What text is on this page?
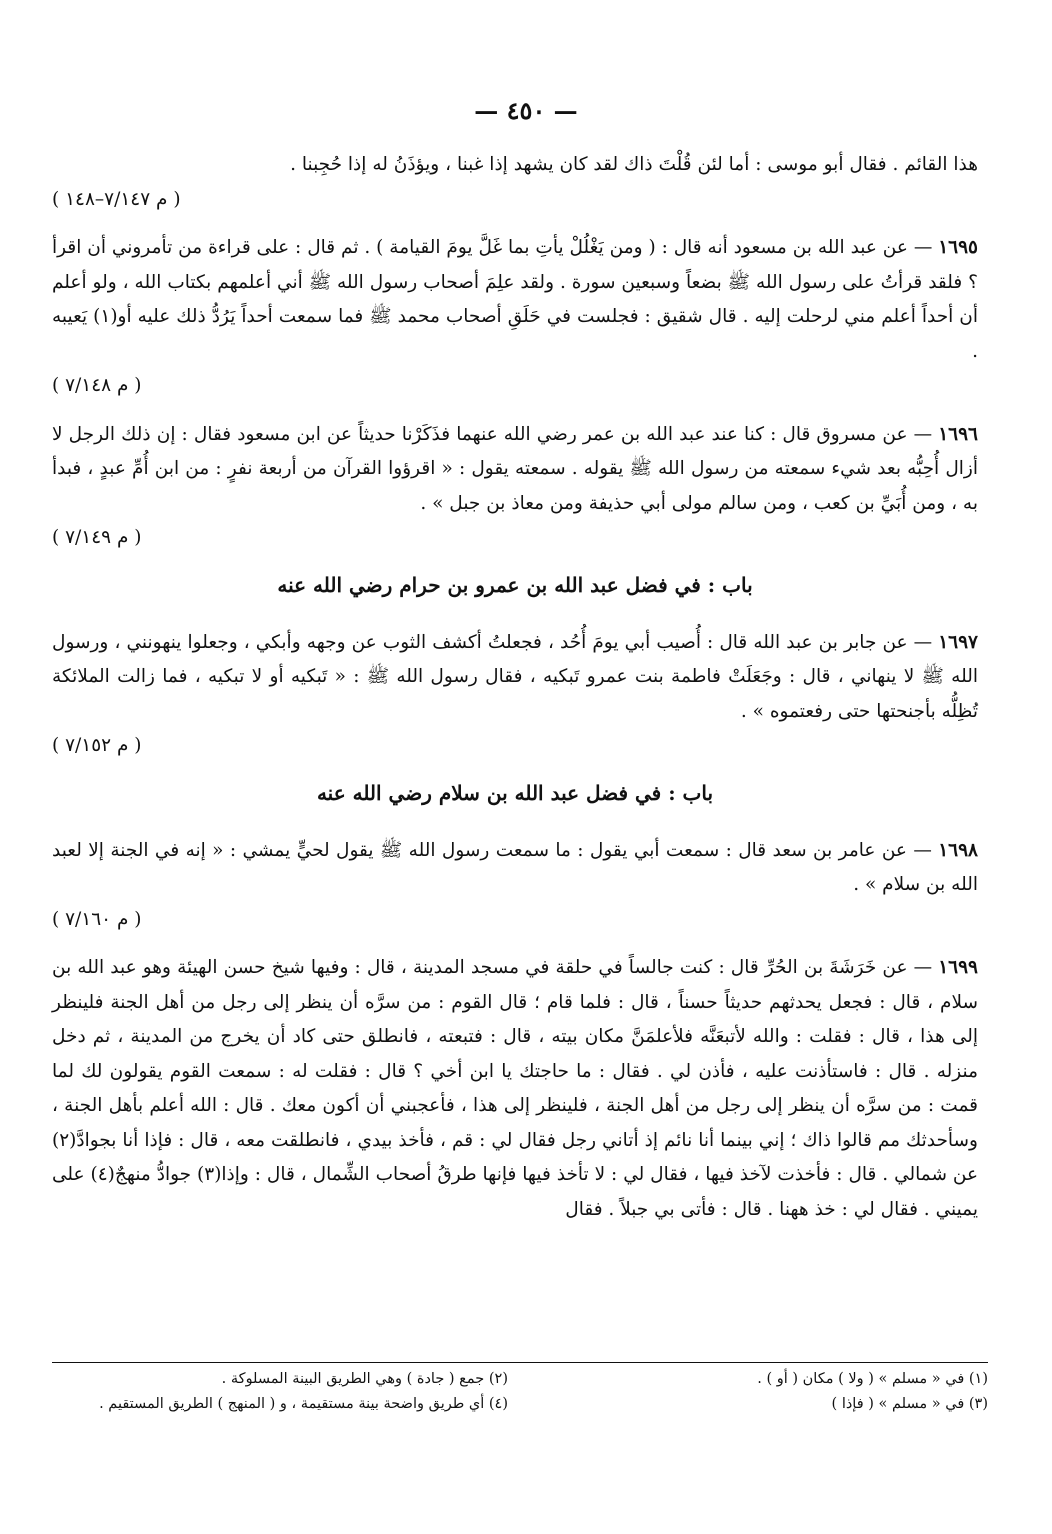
— ٤٥٠ —

هذا القائم . فقال أبو موسى : أما لئن قُلْتَ ذاك لقد كان يشهد إذا غبنا ، ويؤذَنُ له إذا حُجِبنا .
( م ٧/١٤٧–١٤٨ )

١٦٩٥ — عن عبد الله بن مسعود أنه قال : ( ومن يَغْلُلْ يأتِ بما غَلَّ يومَ القيامة ) . ثم قال : على قراءة من تأمروني أن اقرأ ؟ فلقد قرأتُ على رسول الله ﷺ بضعاً وسبعين سورة . ولقد علِمَ أصحاب رسول الله ﷺ أني أعلمهم بكتاب الله ، ولو أعلم أن أحداً أعلم مني لرحلت إليه . قال شقيق : فجلست في حَلَقِ أصحاب محمد ﷺ فما سمعت أحداً يَرُدُّ ذلك عليه أو(١) يَعيبه .
( م ٧/١٤٨ )

١٦٩٦ — عن مسروق قال : كنا عند عبد الله بن عمر رضي الله عنهما فذَكَرْنا حديثاً عن ابن مسعود فقال : إن ذلك الرجل لا أزال أُحِبُّه بعد شيء سمعته من رسول الله ﷺ يقوله . سمعته يقول : « اقرؤوا القرآن من أربعة نفرٍ : من ابن أُمِّ عبدٍ ، فبدأ به ، ومن أُبَيِّ بن كعب ، ومن سالم مولى أبي حذيفة ومن معاذ بن جبل » .
( م ٧/١٤٩ )

باب : في فضل عبد الله بن عمرو بن حرام رضي الله عنه

١٦٩٧ — عن جابر بن عبد الله قال : أُصيب أبي يومَ أُحُد ، فجعلتُ أكشف الثوب عن وجهه وأبكي ، وجعلوا ينهونني ، ورسول الله ﷺ لا ينهاني ، قال : وجَعَلَتْ فاطمة بنت عمرو تَبكيه ، فقال رسول الله ﷺ : « تَبكيه أو لا تبكيه ، فما زالت الملائكة تُظِلُّه بأجنحتها حتى رفعتموه » .
( م ٧/١٥٢ )

باب : في فضل عبد الله بن سلام رضي الله عنه

١٦٩٨ — عن عامر بن سعد قال : سمعت أبي يقول : ما سمعت رسول الله ﷺ يقول لحيٍّ يمشي : « إنه في الجنة إلا لعبد الله بن سلام » .
( م ٧/١٦٠ )

١٦٩٩ — عن خَرَشَةَ بن الحُرِّ قال : كنت جالساً في حلقة في مسجد المدينة ، قال : وفيها شيخ حسن الهيئة وهو عبد الله بن سلام ، قال : فجعل يحدثهم حديثاً حسناً ، قال : فلما قام ؛ قال القوم : من سرَّه أن ينظر إلى رجل من أهل الجنة فلينظر إلى هذا ، قال : فقلت : والله لأتبعَنَّه فلأعلمَنَّ مكان بيته ، قال : فتبعته ، فانطلق حتى كاد أن يخرج من المدينة ، ثم دخل منزله . قال : فاستأذنت عليه ، فأذن لي . فقال : ما حاجتك يا ابن أخي ؟ قال : فقلت له : سمعت القوم يقولون لك لما قمت : من سرَّه أن ينظر إلى رجل من أهل الجنة ، فلينظر إلى هذا ، فأعجبني أن أكون معك . قال : الله أعلم بأهل الجنة ، وسأحدثك مم قالوا ذاك ؛ إني بينما أنا نائم إذ أتاني رجل فقال لي : قم ، فأخذ بيدي ، فانطلقت معه ، قال : فإذا أنا بجوادَّ(٢) عن شمالي . قال : فأخذت لآخذ فيها ، فقال لي : لا تأخذ فيها فإنها طرقُ أصحاب الشِّمال ، قال : وإذا(٣) جوادُّ منهجٌ(٤) على يميني . فقال لي : خذ ههنا . قال : فأتى بي جبلاً . فقال

(١) في « مسلم » ( ولا ) مكان ( أو ) .
(٢) جمع ( جادة ) وهي الطريق البينة المسلوكة .
(٣) في « مسلم » ( فإذا )
(٤) أي طريق واضحة بينة مستقيمة ، و ( المنهج ) الطريق المستقيم .
